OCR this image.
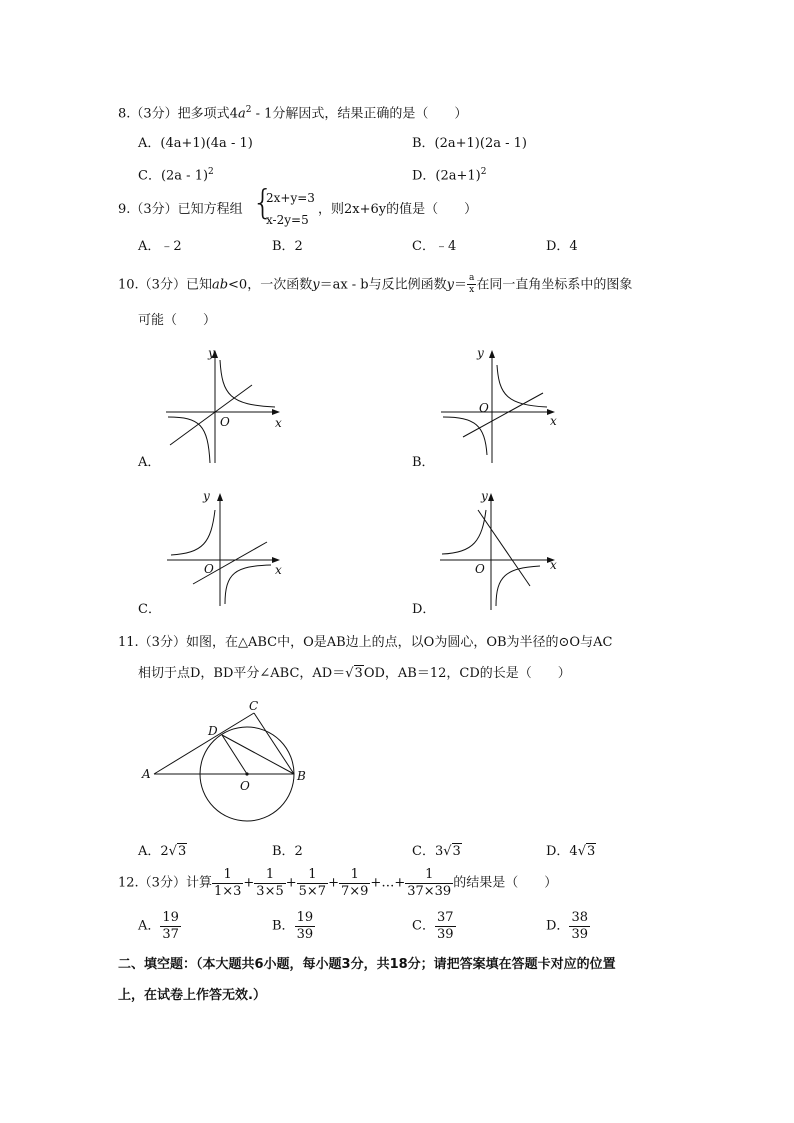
8.（3分）把多项式$4a^2 - 1$分解因式，结果正确的是（　　）
A．(4a+1)(4a - 1)	B．(2a+1)(2a - 1)
C．(2a - 1)$^2$	D．$(2a+1)^2$
9.（3分）已知方程组 {
2x+y=3
x-2y=5
，则2x+6y的值是（　　）
A．﹣2	B．2	C．﹣4	D．4
10.（3分）已知ab<0，一次函数y＝ax - b与反比例函数$y= \frac{a}{x}$ 在同一直角坐标系中的图象
可能（　　）
y
x
O
A．
y
x
O
B．
y
x
O
C．
y
x
O
D．
11.（3分）如图，在△ABC中，O是AB边上的点，以O为圆心，OB为半径的⊙O与AC
相切于点D，BD平分∠ABC，AD＝√3OD，AB＝12，CD的长是（　　）
A	B
C
D
O
A．2√3	B．2	C．3√3	D．4√3
12.（3分）计算 $\frac{1}{1\times 3} + \frac{1}{3\times 5} + \frac{1}{5\times 7} + \frac{1}{7\times 9}$ +…+ $\frac{1}{37\times 39}$ 的结果是（　　）
A． $\frac{19}{37}$	B． $\frac{19}{39}$	C． $\frac{37}{39}$	D． $\frac{38}{39}$
二、填空题：（本大题共6小题，每小题3分，共18分；请把答案填在答题卡对应的位置
上，在试卷上作答无效.）
